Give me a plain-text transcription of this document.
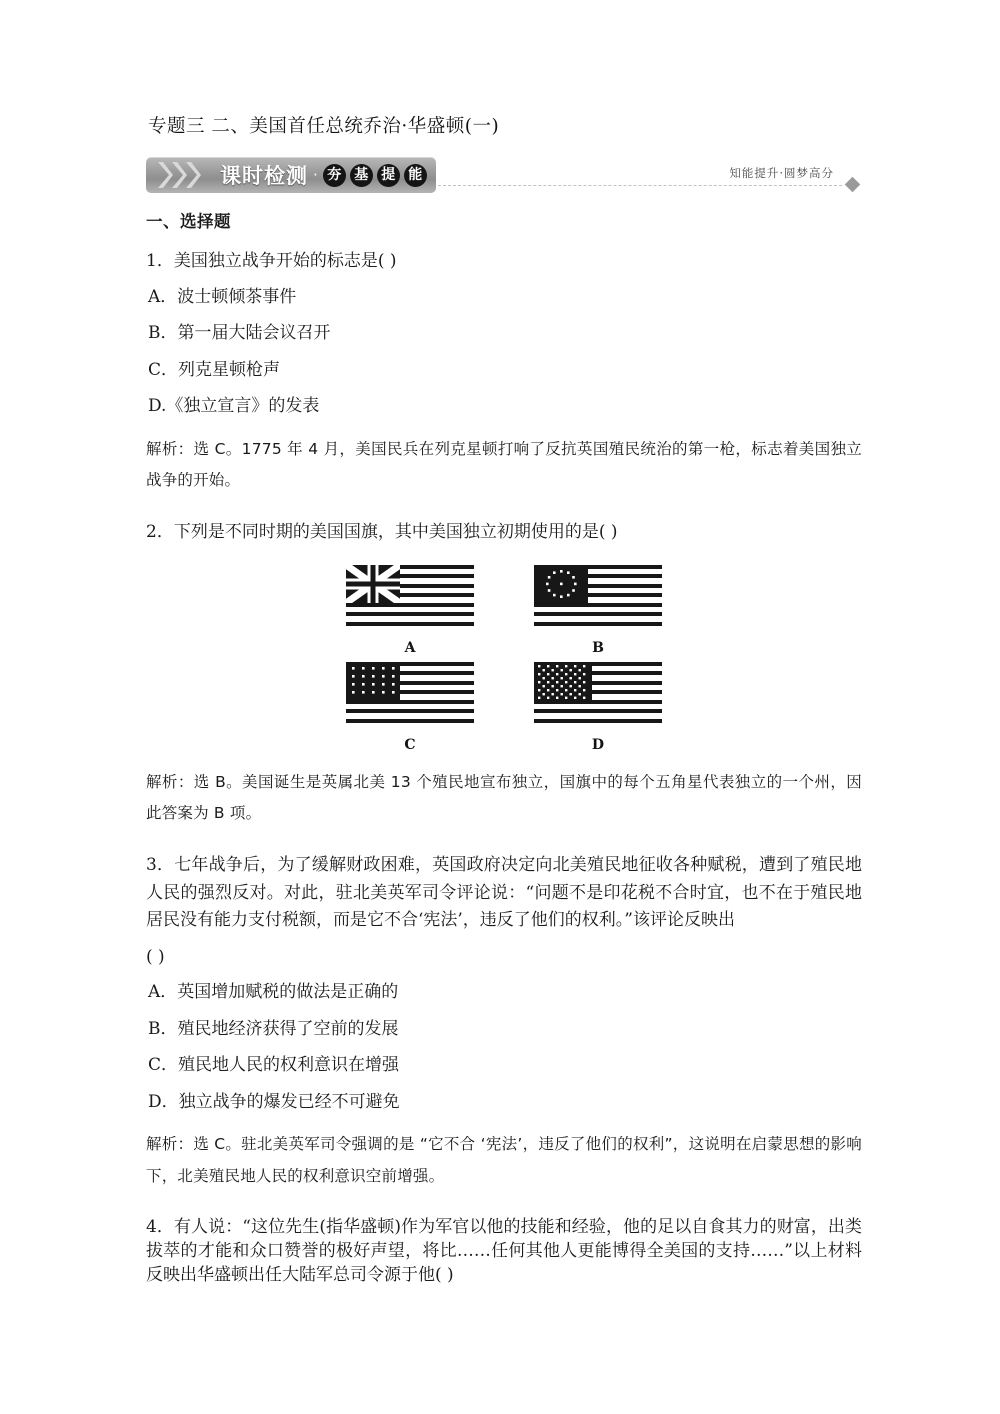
专题三 二、美国首任总统乔治·华盛顿(一)
课时检测 · 夯 基 提 能	知能提升·圆梦高分
一、选择题

1．美国独立战争开始的标志是( )

A．波士顿倾茶事件

B．第一届大陆会议召开

C．列克星顿枪声

D.《独立宣言》的发表

解析：选 C。1775 年 4 月，美国民兵在列克星顿打响了反抗英国殖民统治的第一枪，标志着美国独立战争的开始。

2．下列是不同时期的美国国旗，其中美国独立初期使用的是( )

A	B
C	D

解析：选 B。美国诞生是英属北美 13 个殖民地宣布独立，国旗中的每个五角星代表独立的一个州，因此答案为 B 项。

3．七年战争后，为了缓解财政困难，英国政府决定向北美殖民地征收各种赋税，遭到了殖民地人民的强烈反对。对此，驻北美英军司令评论说：“问题不是印花税不合时宜，也不在于殖民地居民没有能力支付税额，而是它不合‘宪法’，违反了他们的权利。”该评论反映出

( )

A．英国增加赋税的做法是正确的

B．殖民地经济获得了空前的发展

C．殖民地人民的权利意识在增强

D．独立战争的爆发已经不可避免

解析：选 C。驻北美英军司令强调的是 “它不合 ‘宪法’，违反了他们的权利”，这说明在启蒙思想的影响下，北美殖民地人民的权利意识空前增强。

4．有人说：“这位先生(指华盛顿)作为军官以他的技能和经验，他的足以自食其力的财富，出类拔萃的才能和众口赞誉的极好声望，将比……任何其他人更能博得全美国的支持……”以上材料反映出华盛顿出任大陆军总司令源于他( )
